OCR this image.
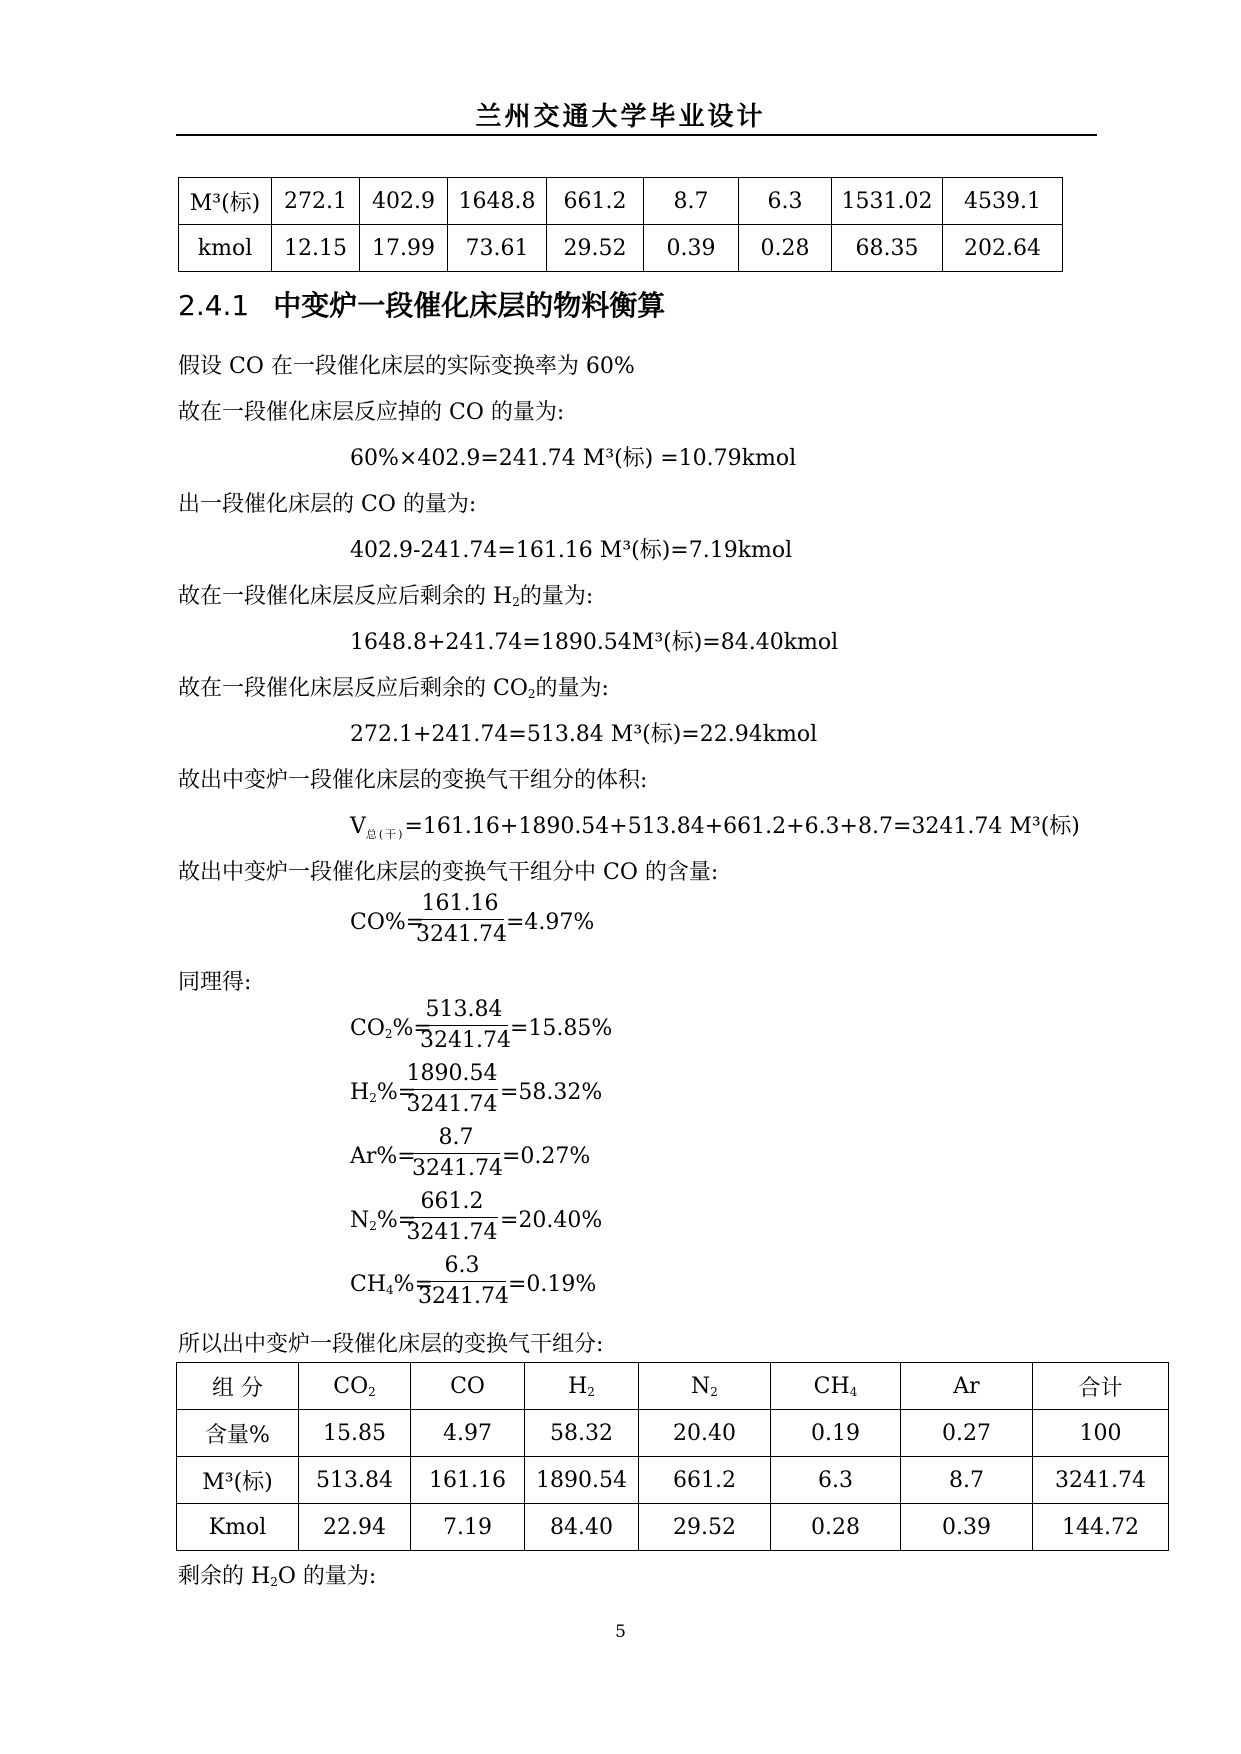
兰州交通大学毕业设计
M³(标)	272.1	402.9	1648.8	661.2	8.7	6.3	1531.02	4539.1
kmol	12.15	17.99	73.61	29.52	0.39	0.28	68.35	202.64
2.4.1 中变炉一段催化床层的物料衡算
假设 CO 在一段催化床层的实际变换率为 60%
故在一段催化床层反应掉的 CO 的量为:
60%×402.9=241.74 M³(标) =10.79kmol
出一段催化床层的 CO 的量为:
402.9-241.74=161.16 M³(标)=7.19kmol
故在一段催化床层反应后剩余的 $H_2$的量为:
1648.8+241.74=1890.54M³(标)=84.40kmol
故在一段催化床层反应后剩余的 $CO_2$的量为:
272.1+241.74=513.84 M³(标)=22.94kmol
故出中变炉一段催化床层的变换气干组分的体积:
$V_{总(干)}=161.16+1890.54+513.84+661.2+6.3+8.7=3241.74$ M³(标)
故出中变炉一段催化床层的变换气干组分中 CO 的含量:
CO%=
161.16
3241.74 =4.97%
同理得:
$CO_2\%=$
513.84
3241.74 =15.85%
$H_2\%=$
1890.54
3241.74 =58.32%
Ar%=
8.7
3241.74 =0.27%
$N_2\%=$
661.2
3241.74 =20.40%
$CH_4\%=$
6.3
3241.74 =0.19%
所以出中变炉一段催化床层的变换气干组分:
组 分	$CO_2$	CO	$H_2$	$N_2$	$CH_4$	Ar	合计
含量%	15.85	4.97	58.32	20.40	0.19	0.27	100
M³(标)	513.84	161.16	1890.54	661.2	6.3	8.7	3241.74
Kmol	22.94	7.19	84.40	29.52	0.28	0.39	144.72
剩余的 $H_2O$ 的量为:
5
